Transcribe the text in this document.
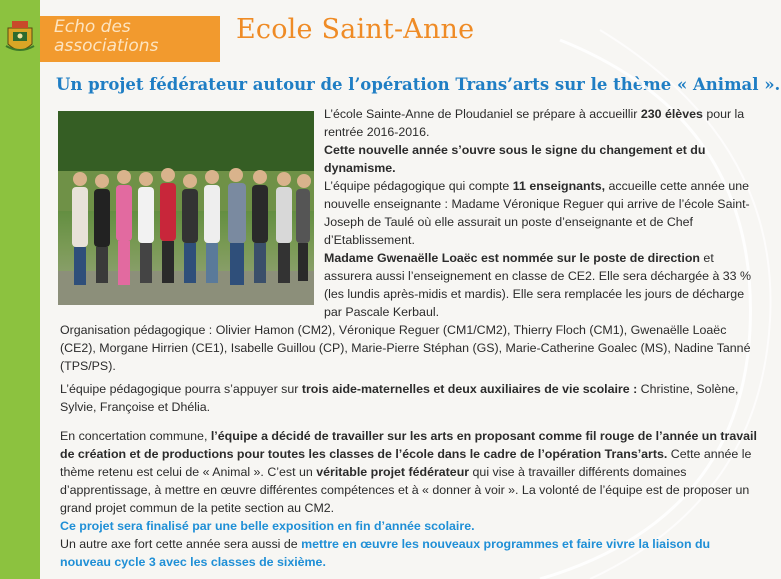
Echo des
associations
Ecole Saint-Anne
Un projet fédérateur autour de l’opération Trans’arts sur le thème « Animal ».

L’école Sainte-Anne de Ploudaniel se prépare à accueillir 230 élèves pour la rentrée 2016-2016.

Cette nouvelle année s’ouvre sous le signe du changement et du dynamisme.

L’équipe pédagogique qui compte 11 enseignants, accueille cette année une nouvelle enseignante : Madame Véronique Reguer qui arrive de l’école Saint-Joseph de Taulé où elle assurait un poste d’enseignante et de Chef d’Etablissement.

Madame Gwenaëlle Loaëc est nommée sur le poste de direction et assurera aussi l’enseignement en classe de CE2. Elle sera déchargée à 33 % (les lundis après-midis et mardis). Elle sera remplacée les jours de décharge par Pascale Kerbaul.

Organisation pédagogique : Olivier Hamon (CM2), Véronique Reguer (CM1/CM2), Thierry Floch (CM1), Gwenaëlle Loaëc (CE2), Morgane Hirrien (CE1), Isabelle Guillou (CP), Marie-Pierre Stéphan (GS), Marie-Catherine Goalec (MS), Nadine Tanné (TPS/PS).
L’équipe pédagogique pourra s’appuyer sur trois aide-maternelles et deux auxiliaires de vie scolaire : Christine, Solène, Sylvie, Françoise et Dhélia.
En concertation commune, l’équipe a décidé de travailler sur les arts en proposant comme fil rouge de l’année un travail de création et de productions pour toutes les classes de l’école dans le cadre de l’opération Trans’arts. Cette année le thème retenu est celui de « Animal ». C’est un véritable projet fédérateur qui vise à travailler différents domaines d’apprentissage, à mettre en œuvre différentes compétences et à « donner à voir ». La volonté de l’équipe est de proposer un grand projet commun de la petite section au CM2.
Ce projet sera finalisé par une belle exposition en fin d’année scolaire.
Un autre axe fort cette année sera aussi de mettre en œuvre les nouveaux programmes et faire vivre la liaison du nouveau cycle 3 avec les classes de sixième.
